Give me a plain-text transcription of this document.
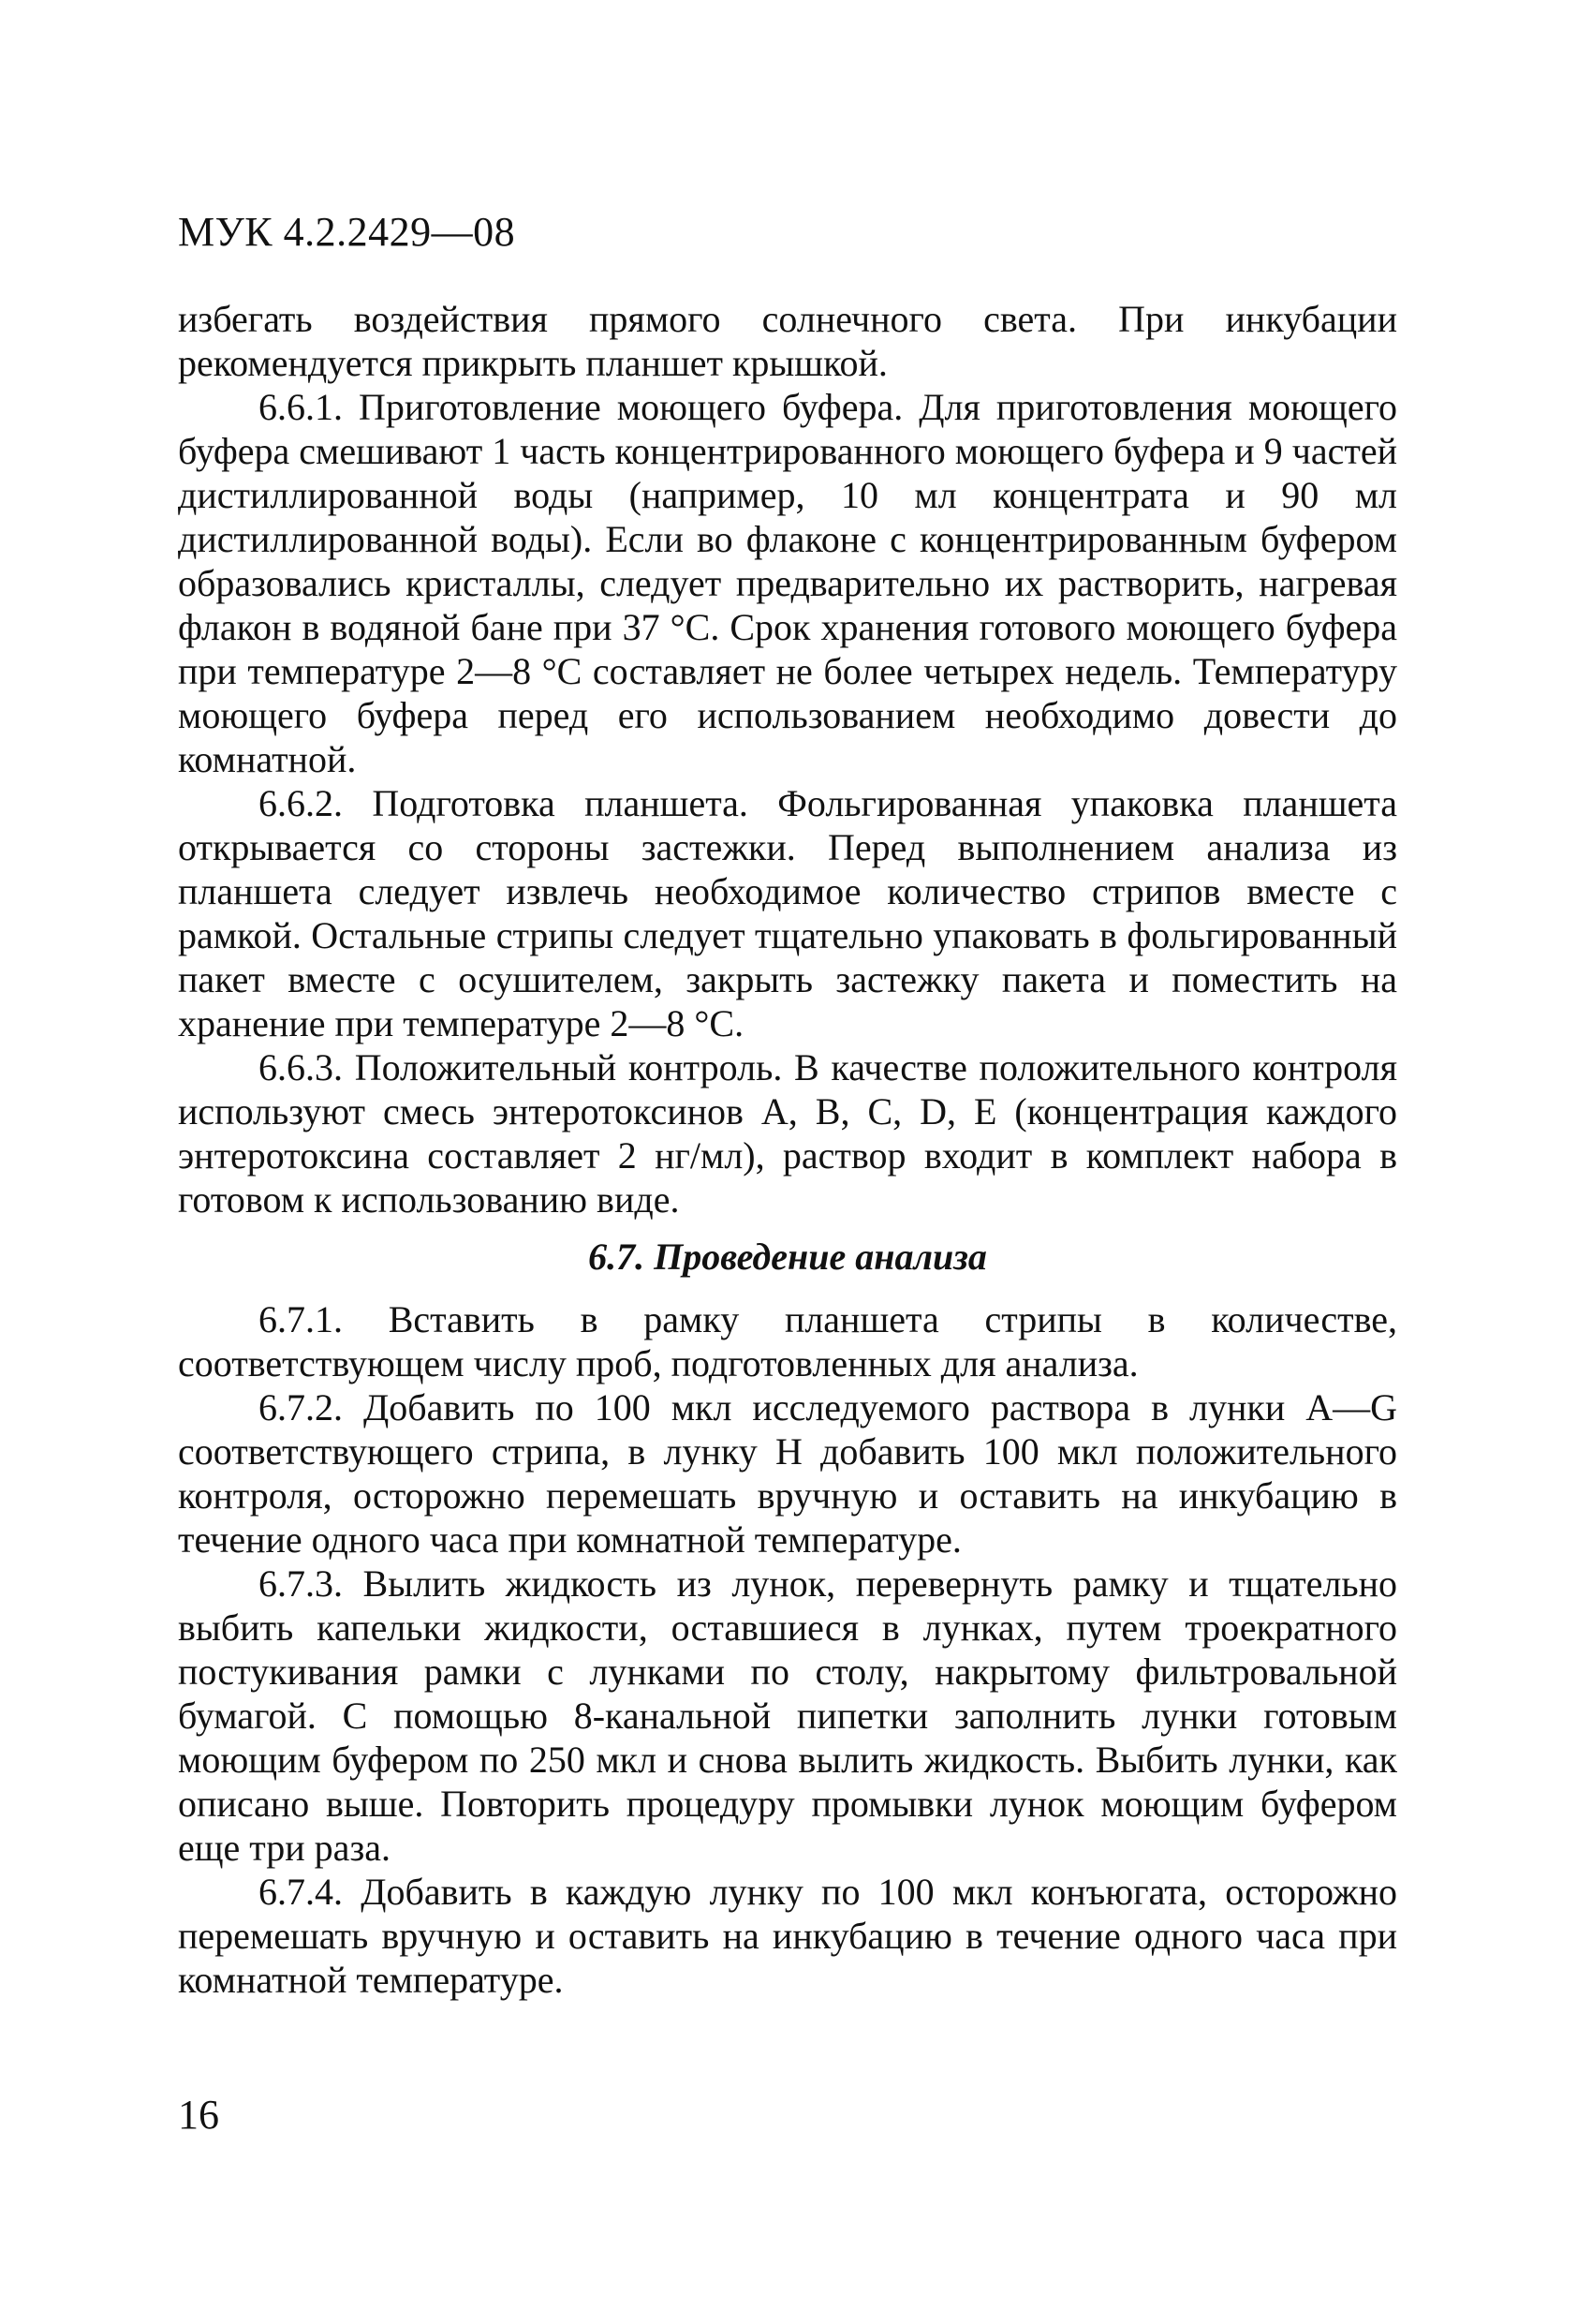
МУК 4.2.2429—08

избегать воздействия прямого солнечного света. При инкубации рекомендуется прикрыть планшет крышкой.

6.6.1. Приготовление моющего буфера. Для приготовления моющего буфера смешивают 1 часть концентрированного моющего буфера и 9 частей дистиллированной воды (например, 10 мл концентрата и 90 мл дистиллированной воды). Если во флаконе с концентрированным буфером образовались кристаллы, следует предварительно их растворить, нагревая флакон в водяной бане при 37 °С. Срок хранения готового моющего буфера при температуре 2—8 °С составляет не более четырех недель. Температуру моющего буфера перед его использованием необходимо довести до комнатной.

6.6.2. Подготовка планшета. Фольгированная упаковка планшета открывается со стороны застежки. Перед выполнением анализа из планшета следует извлечь необходимое количество стрипов вместе с рамкой. Остальные стрипы следует тщательно упаковать в фольгированный пакет вместе с осушителем, закрыть застежку пакета и поместить на хранение при температуре 2—8 °С.

6.6.3. Положительный контроль. В качестве положительного контроля используют смесь энтеротоксинов А, В, С, D, E (концентрация каждого энтеротоксина составляет 2 нг/мл), раствор входит в комплект набора в готовом к использованию виде.

6.7. Проведение анализа

6.7.1. Вставить в рамку планшета стрипы в количестве, соответствующем числу проб, подготовленных для анализа.

6.7.2. Добавить по 100 мкл исследуемого раствора в лунки А—G соответствующего стрипа, в лунку Н добавить 100 мкл положительного контроля, осторожно перемешать вручную и оставить на инкубацию в течение одного часа при комнатной температуре.

6.7.3. Вылить жидкость из лунок, перевернуть рамку и тщательно выбить капельки жидкости, оставшиеся в лунках, путем троекратного постукивания рамки с лунками по столу, накрытому фильтровальной бумагой. С помощью 8-канальной пипетки заполнить лунки готовым моющим буфером по 250 мкл и снова вылить жидкость. Выбить лунки, как описано выше. Повторить процедуру промывки лунок моющим буфером еще три раза.

6.7.4. Добавить в каждую лунку по 100 мкл конъюгата, осторожно перемешать вручную и оставить на инкубацию в течение одного часа при комнатной температуре.

16
